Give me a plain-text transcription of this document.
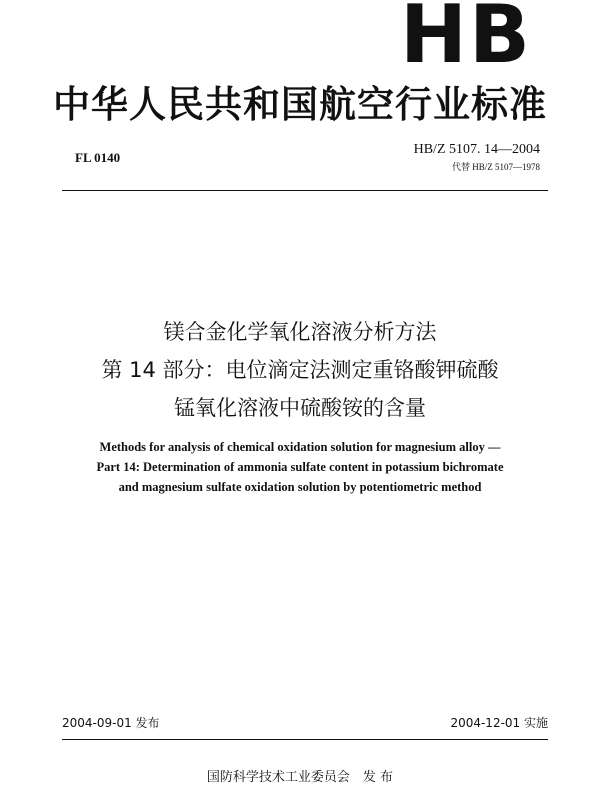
HB
中华人民共和国航空行业标准
FL 0140
HB/Z 5107. 14—2004
代替 HB/Z 5107—1978
镁合金化学氧化溶液分析方法
第 14 部分：电位滴定法测定重铬酸钾硫酸
锰氧化溶液中硫酸铵的含量
Methods for analysis of chemical oxidation solution for magnesium alloy —
Part 14: Determination of ammonia sulfate content in potassium bichromate
and magnesium sulfate oxidation solution by potentiometric method
2004-09-01 发布	2004-12-01 实施
国防科学技术工业委员会　发 布
